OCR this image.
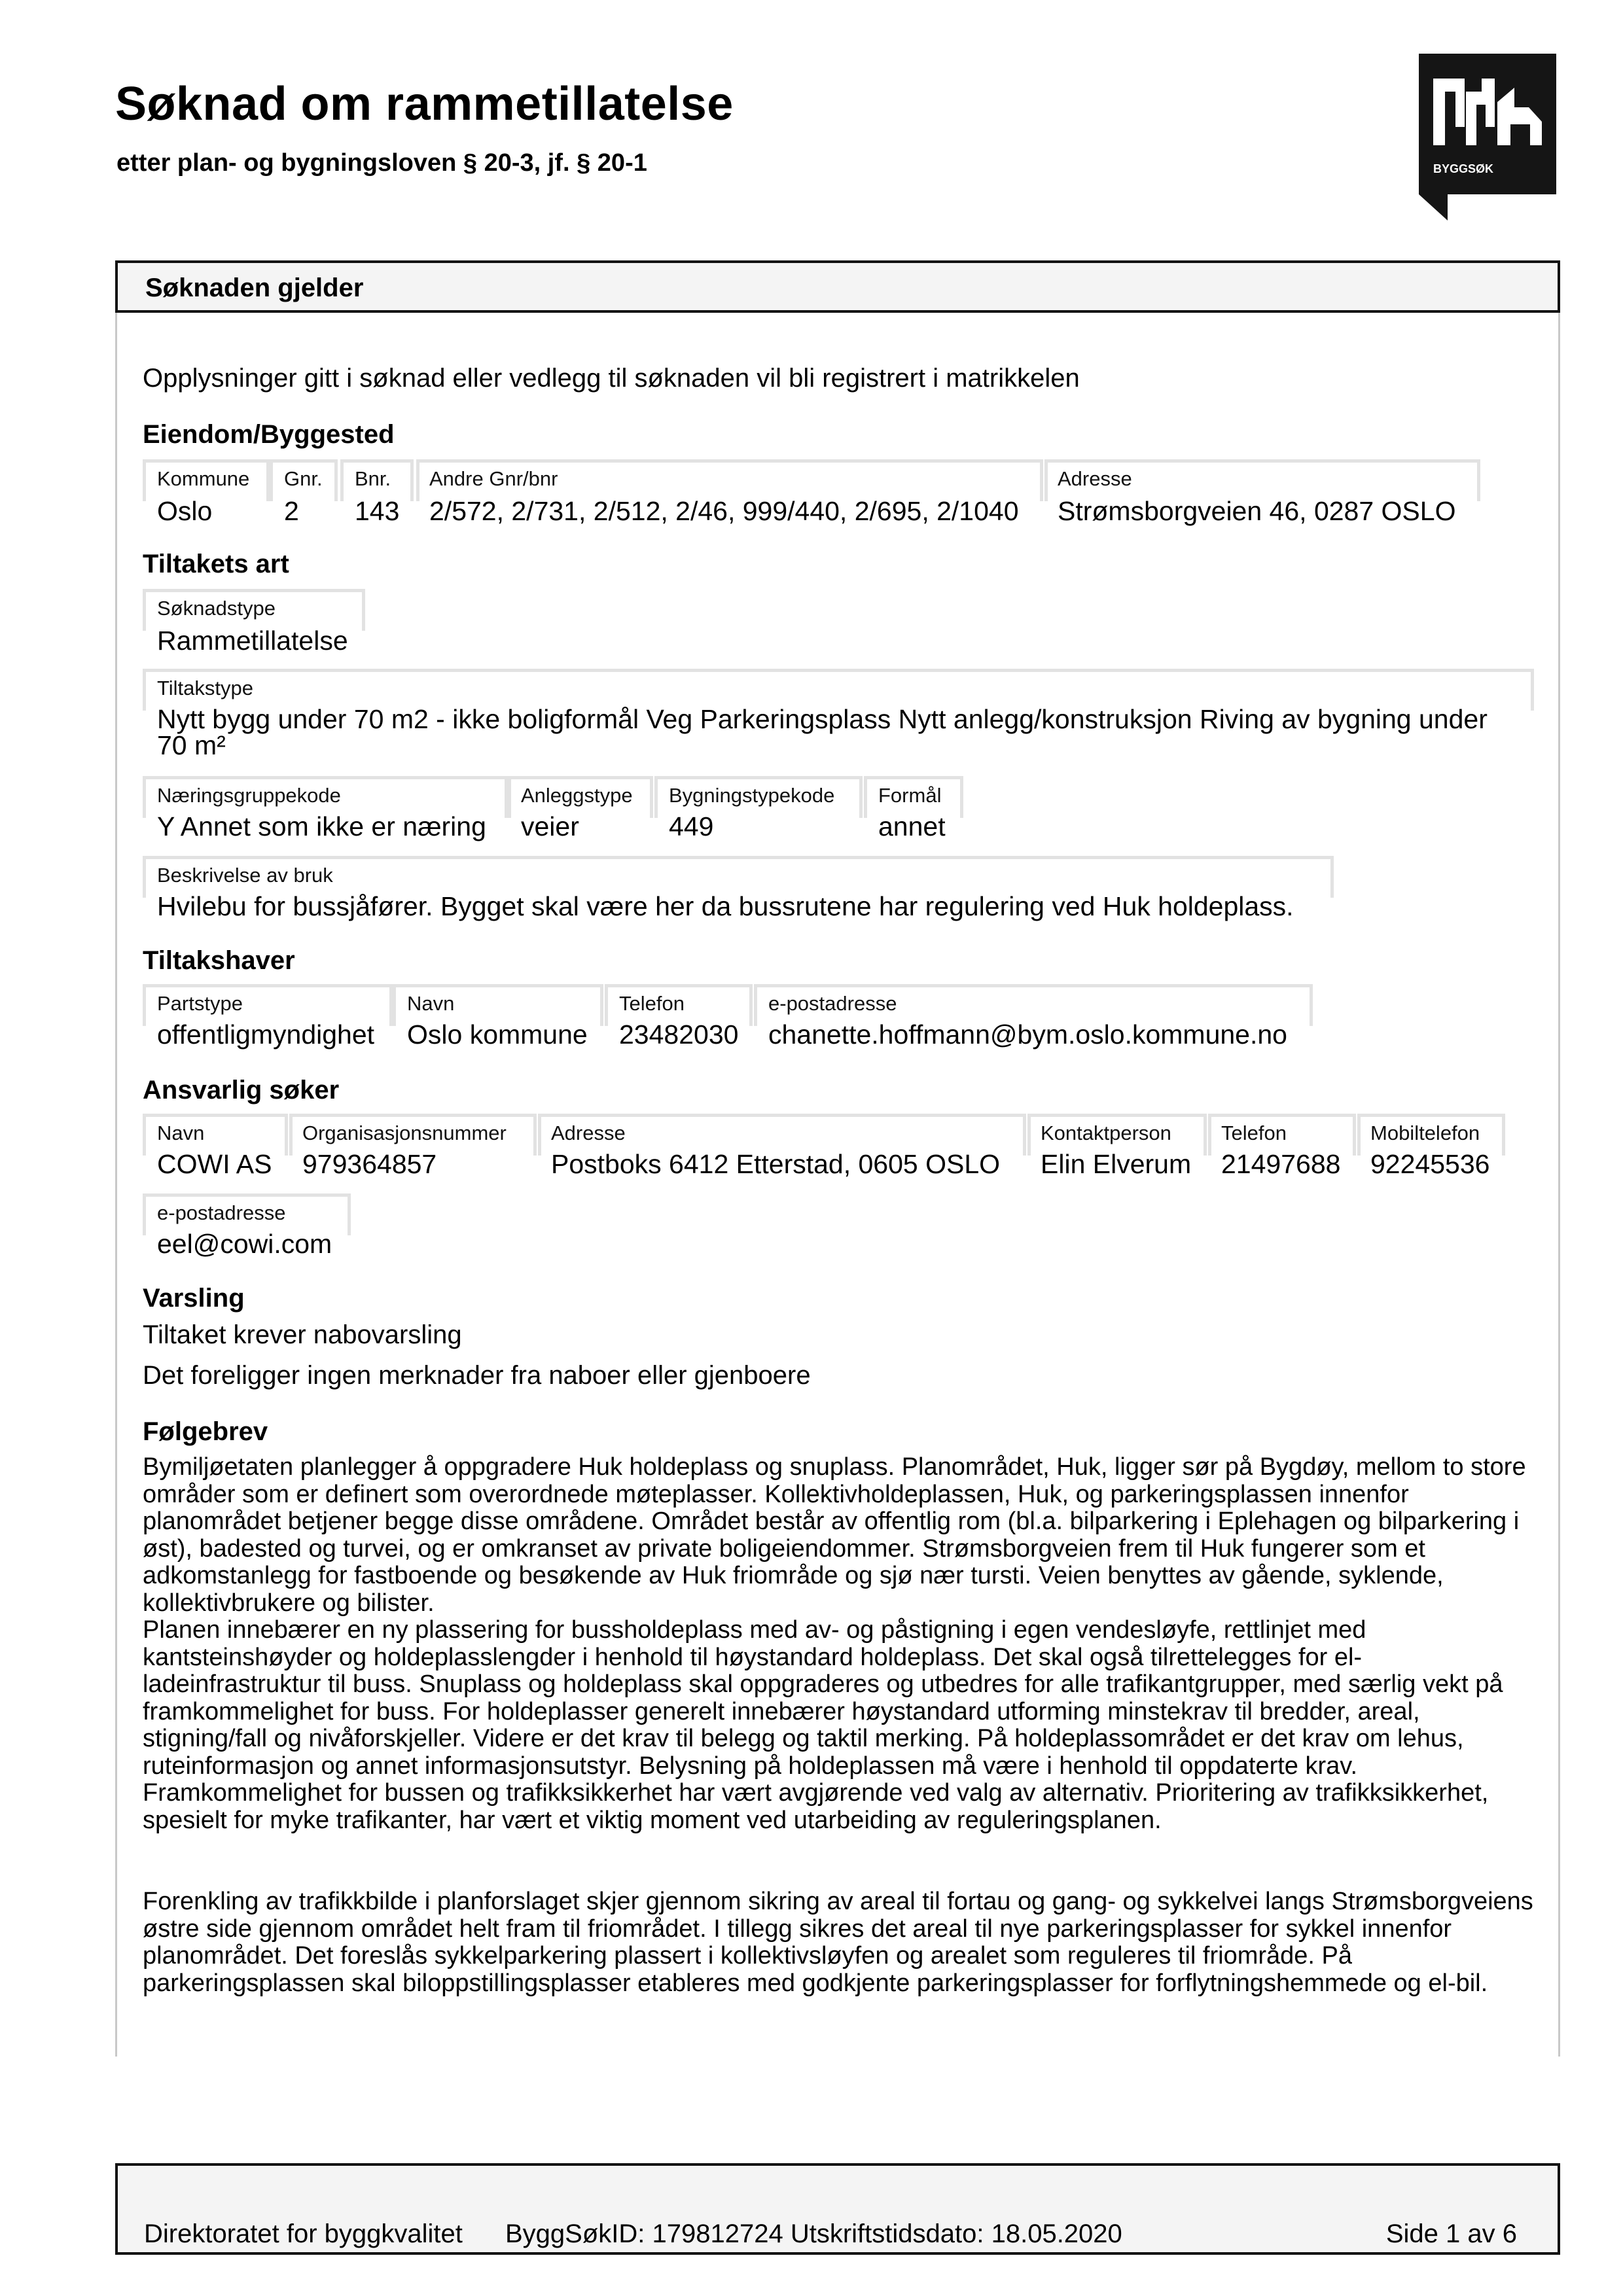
Søknad om rammetillatelse
etter plan- og bygningsloven § 20-3, jf. § 20-1	BYGGSØK
Søknaden gjelder
Opplysninger gitt i søknad eller vedlegg til søknaden vil bli registrert i matrikkelen
Eiendom/Byggested
Kommune
Oslo
Gnr.
2
Bnr.
143
Andre Gnr/bnr
2/572, 2/731, 2/512, 2/46, 999/440, 2/695, 2/1040
Adresse
Strømsborgveien 46, 0287 OSLO
Tiltakets art
Søknadstype
Rammetillatelse
Tiltakstype
Nytt bygg under 70 m2 - ikke boligformål Veg Parkeringsplass Nytt anlegg/konstruksjon Riving av bygning under
70 m²
Næringsgruppekode
Y Annet som ikke er næring
Anleggstype
veier
Bygningstypekode
449
Formål
annet
Beskrivelse av bruk
Hvilebu for bussjåfører. Bygget skal være her da bussrutene har regulering ved Huk holdeplass.
Tiltakshaver
Partstype
offentligmyndighet
Navn
Oslo kommune
Telefon
23482030
e-postadresse
chanette.hoffmann@bym.oslo.kommune.no
Ansvarlig søker
Navn
COWI AS
Organisasjonsnummer
979364857
Adresse
Postboks 6412 Etterstad, 0605 OSLO
Kontaktperson
Elin Elverum
Telefon
21497688
Mobiltelefon
92245536
e-postadresse
eel@cowi.com
Varsling
Tiltaket krever nabovarsling
Det foreligger ingen merknader fra naboer eller gjenboere
Følgebrev

Bymiljøetaten planlegger å oppgradere Huk holdeplass og snuplass. Planområdet, Huk, ligger sør på Bygdøy, mellom to store områder som er definert som overordnede møteplasser. Kollektivholdeplassen, Huk, og parkeringsplassen innenfor planområdet betjener begge disse områdene. Området består av offentlig rom (bl.a. bilparkering i Eplehagen og bilparkering i øst), badested og turvei, og er omkranset av private boligeiendommer. Strømsborgveien frem til Huk fungerer som et adkomstanlegg for fastboende og besøkende av Huk friområde og sjø nær tursti. Veien benyttes av gående, syklende, kollektivbrukere og bilister.

Planen innebærer en ny plassering for bussholdeplass med av- og påstigning i egen vendesløyfe, rettlinjet med kantsteinshøyder og holdeplasslengder i henhold til høystandard holdeplass. Det skal også tilrettelegges for el-ladeinfrastruktur til buss. Snuplass og holdeplass skal oppgraderes og utbedres for alle trafikantgrupper, med særlig vekt på framkommelighet for buss. For holdeplasser generelt innebærer høystandard utforming minstekrav til bredder, areal, stigning/fall og nivåforskjeller. Videre er det krav til belegg og taktil merking. På holdeplassområdet er det krav om lehus, ruteinformasjon og annet informasjonsutstyr. Belysning på holdeplassen må være i henhold til oppdaterte krav. Framkommelighet for bussen og trafikksikkerhet har vært avgjørende ved valg av alternativ. Prioritering av trafikksikkerhet, spesielt for myke trafikanter, har vært et viktig moment ved utarbeiding av reguleringsplanen.

Forenkling av trafikkbilde i planforslaget skjer gjennom sikring av areal til fortau og gang- og sykkelvei langs Strømsborgveiens østre side gjennom området helt fram til friområdet. I tillegg sikres det areal til nye parkeringsplasser for sykkel innenfor planområdet. Det foreslås sykkelparkering plassert i kollektivsløyfen og arealet som reguleres til friområde. På parkeringsplassen skal biloppstillingsplasser etableres med godkjente parkeringsplasser for forflytningshemmede og el-bil.

Direktoratet for byggkvalitet ByggSøkID: 179812724 Utskriftstidsdato: 18.05.2020	Side 1 av 6
